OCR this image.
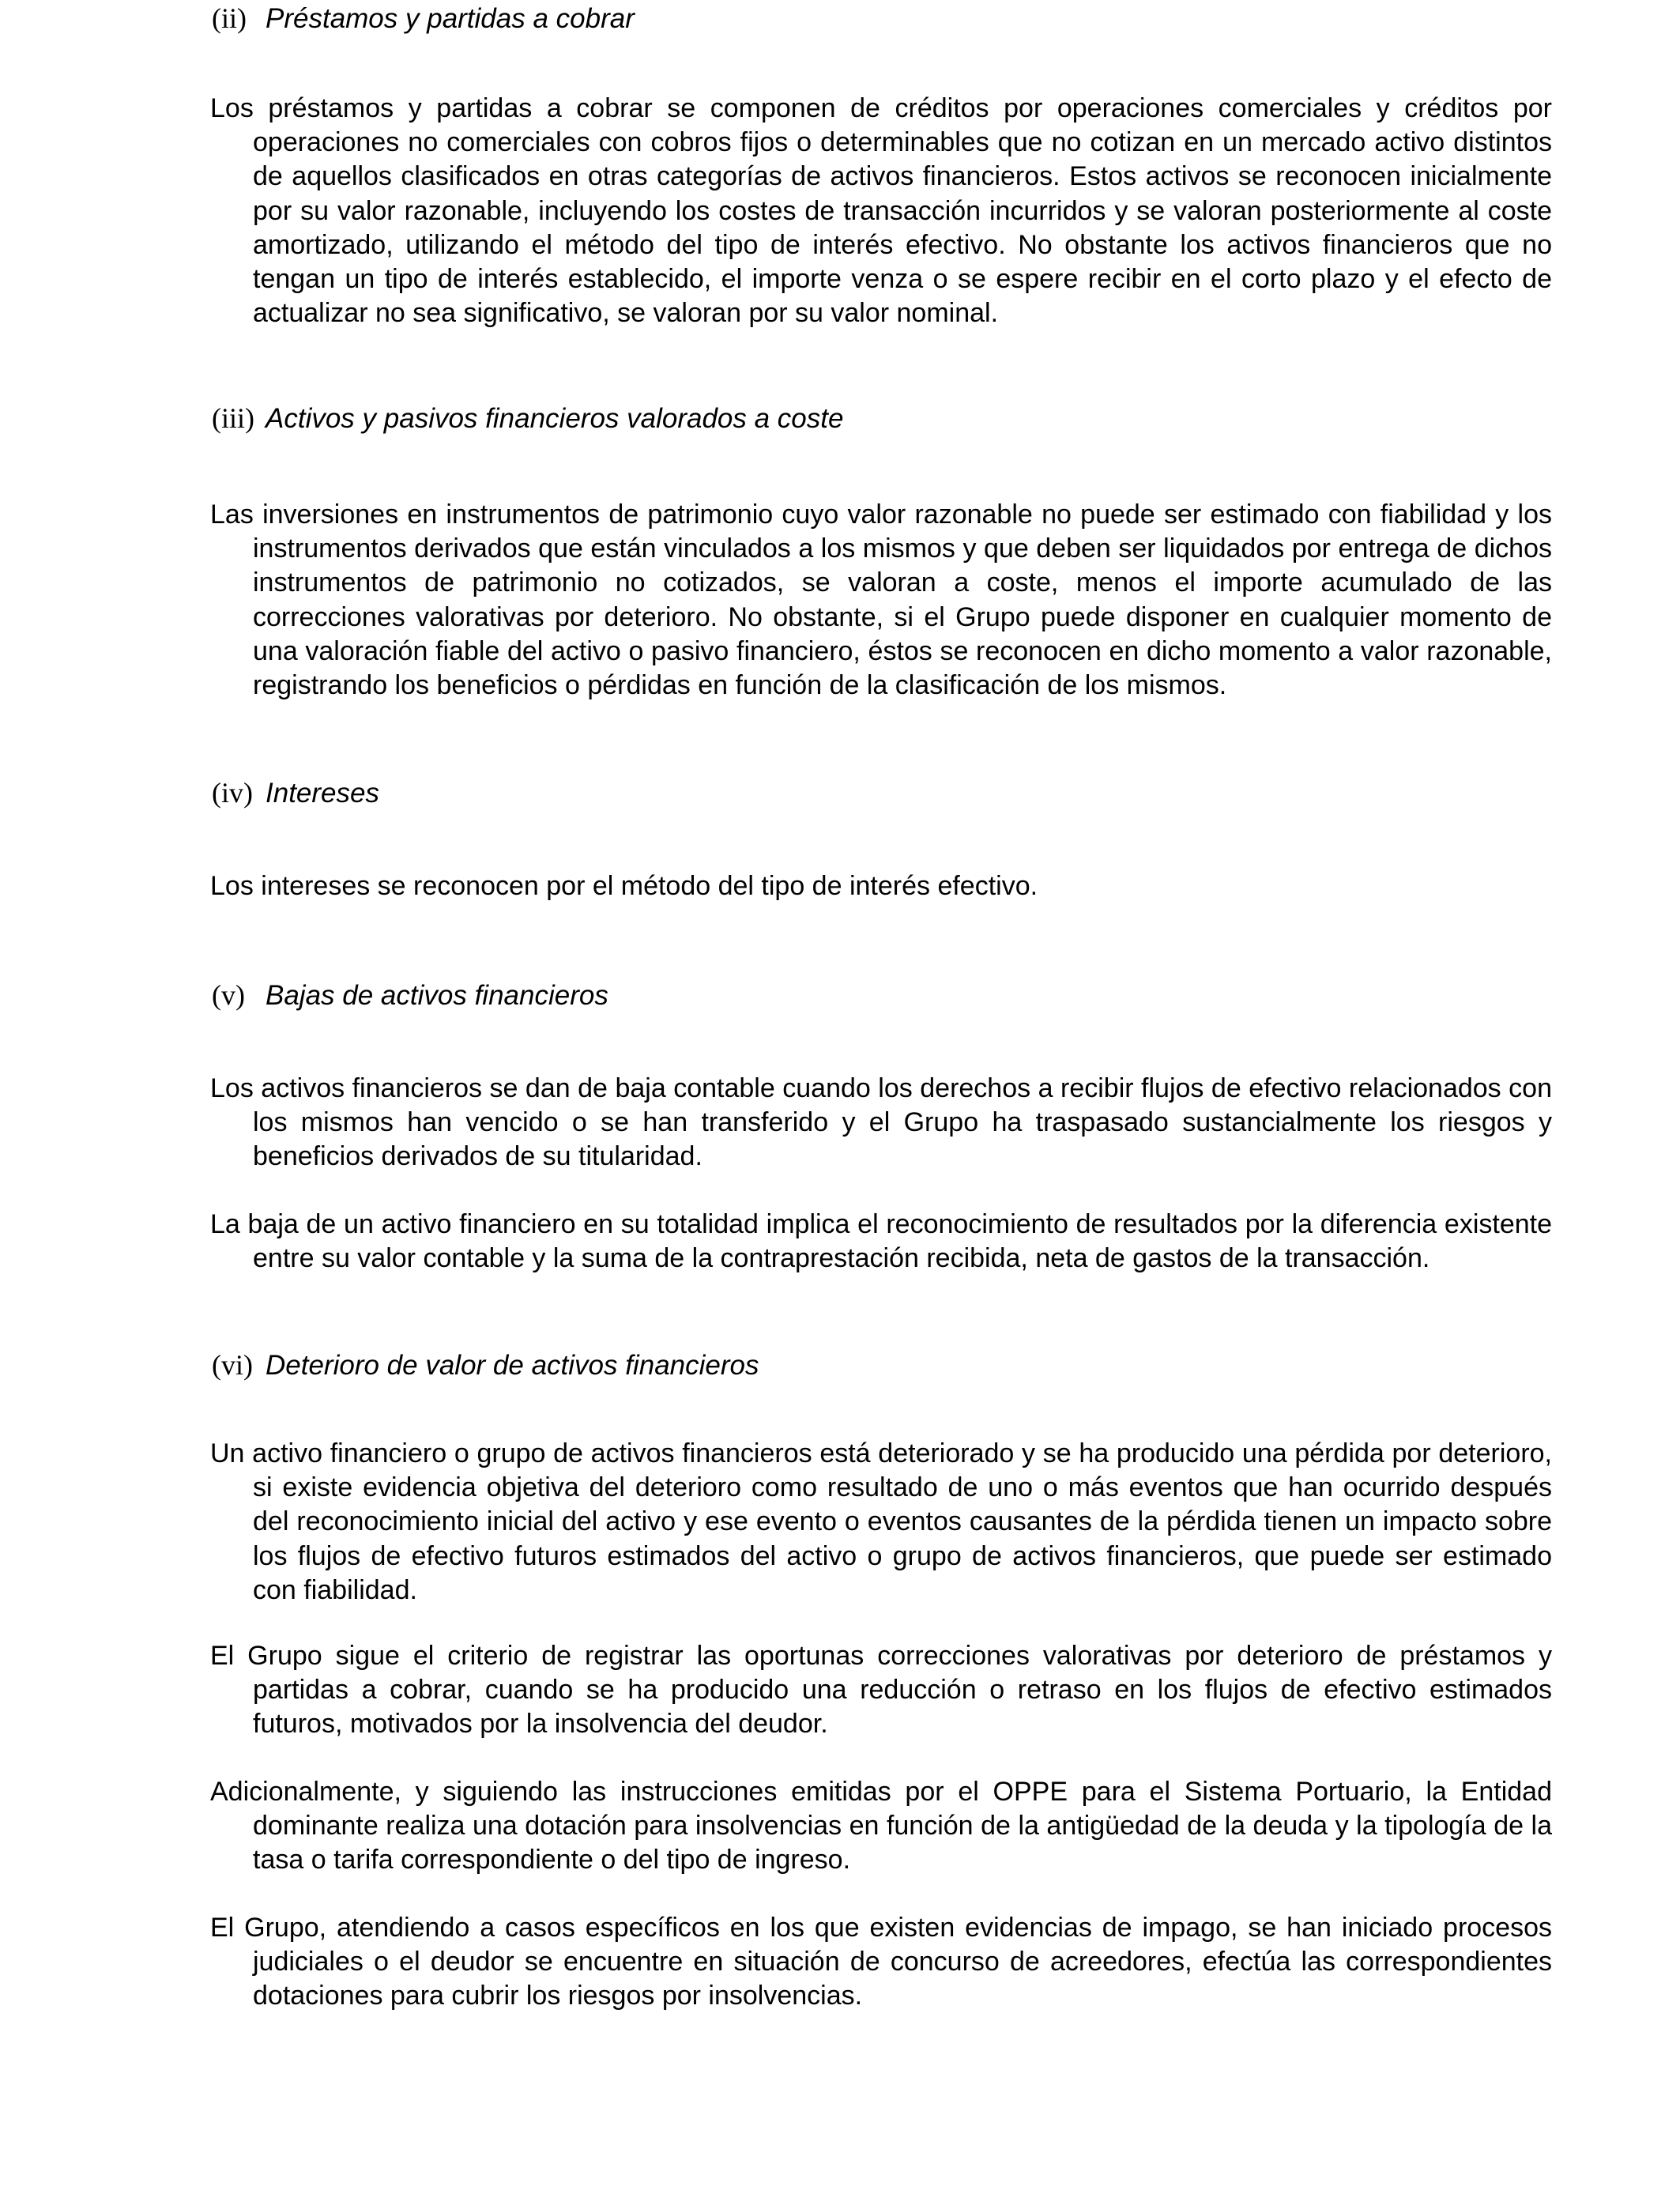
(ii) Préstamos y partidas a cobrar

Los préstamos y partidas a cobrar se componen de créditos por operaciones comerciales y créditos por operaciones no comerciales con cobros fijos o determinables que no cotizan en un mercado activo distintos de aquellos clasificados en otras categorías de activos financieros. Estos activos se reconocen inicialmente por su valor razonable, incluyendo los costes de transacción incurridos y se valoran posteriormente al coste amortizado, utilizando el método del tipo de interés efectivo. No obstante los activos financieros que no tengan un tipo de interés establecido, el importe venza o se espere recibir en el corto plazo y el efecto de actualizar no sea significativo, se valoran por su valor nominal.

(iii) Activos y pasivos financieros valorados a coste

Las inversiones en instrumentos de patrimonio cuyo valor razonable no puede ser estimado con fiabilidad y los instrumentos derivados que están vinculados a los mismos y que deben ser liquidados por entrega de dichos instrumentos de patrimonio no cotizados, se valoran a coste, menos el importe acumulado de las correcciones valorativas por deterioro. No obstante, si el Grupo puede disponer en cualquier momento de una valoración fiable del activo o pasivo financiero, éstos se reconocen en dicho momento a valor razonable, registrando los beneficios o pérdidas en función de la clasificación de los mismos.

(iv) Intereses

Los intereses se reconocen por el método del tipo de interés efectivo.

(v) Bajas de activos financieros

Los activos financieros se dan de baja contable cuando los derechos a recibir flujos de efectivo relacionados con los mismos han vencido o se han transferido y el Grupo ha traspasado sustancialmente los riesgos y beneficios derivados de su titularidad.

La baja de un activo financiero en su totalidad implica el reconocimiento de resultados por la diferencia existente entre su valor contable y la suma de la contraprestación recibida, neta de gastos de la transacción.

(vi) Deterioro de valor de activos financieros

Un activo financiero o grupo de activos financieros está deteriorado y se ha producido una pérdida por deterioro, si existe evidencia objetiva del deterioro como resultado de uno o más eventos que han ocurrido después del reconocimiento inicial del activo y ese evento o eventos causantes de la pérdida tienen un impacto sobre los flujos de efectivo futuros estimados del activo o grupo de activos financieros, que puede ser estimado con fiabilidad.

El Grupo sigue el criterio de registrar las oportunas correcciones valorativas por deterioro de préstamos y partidas a cobrar, cuando se ha producido una reducción o retraso en los flujos de efectivo estimados futuros, motivados por la insolvencia del deudor.

Adicionalmente, y siguiendo las instrucciones emitidas por el OPPE para el Sistema Portuario, la Entidad dominante realiza una dotación para insolvencias en función de la antigüedad de la deuda y la tipología de la tasa o tarifa correspondiente o del tipo de ingreso.

El Grupo, atendiendo a casos específicos en los que existen evidencias de impago, se han iniciado procesos judiciales o el deudor se encuentre en situación de concurso de acreedores, efectúa las correspondientes dotaciones para cubrir los riesgos por insolvencias.
